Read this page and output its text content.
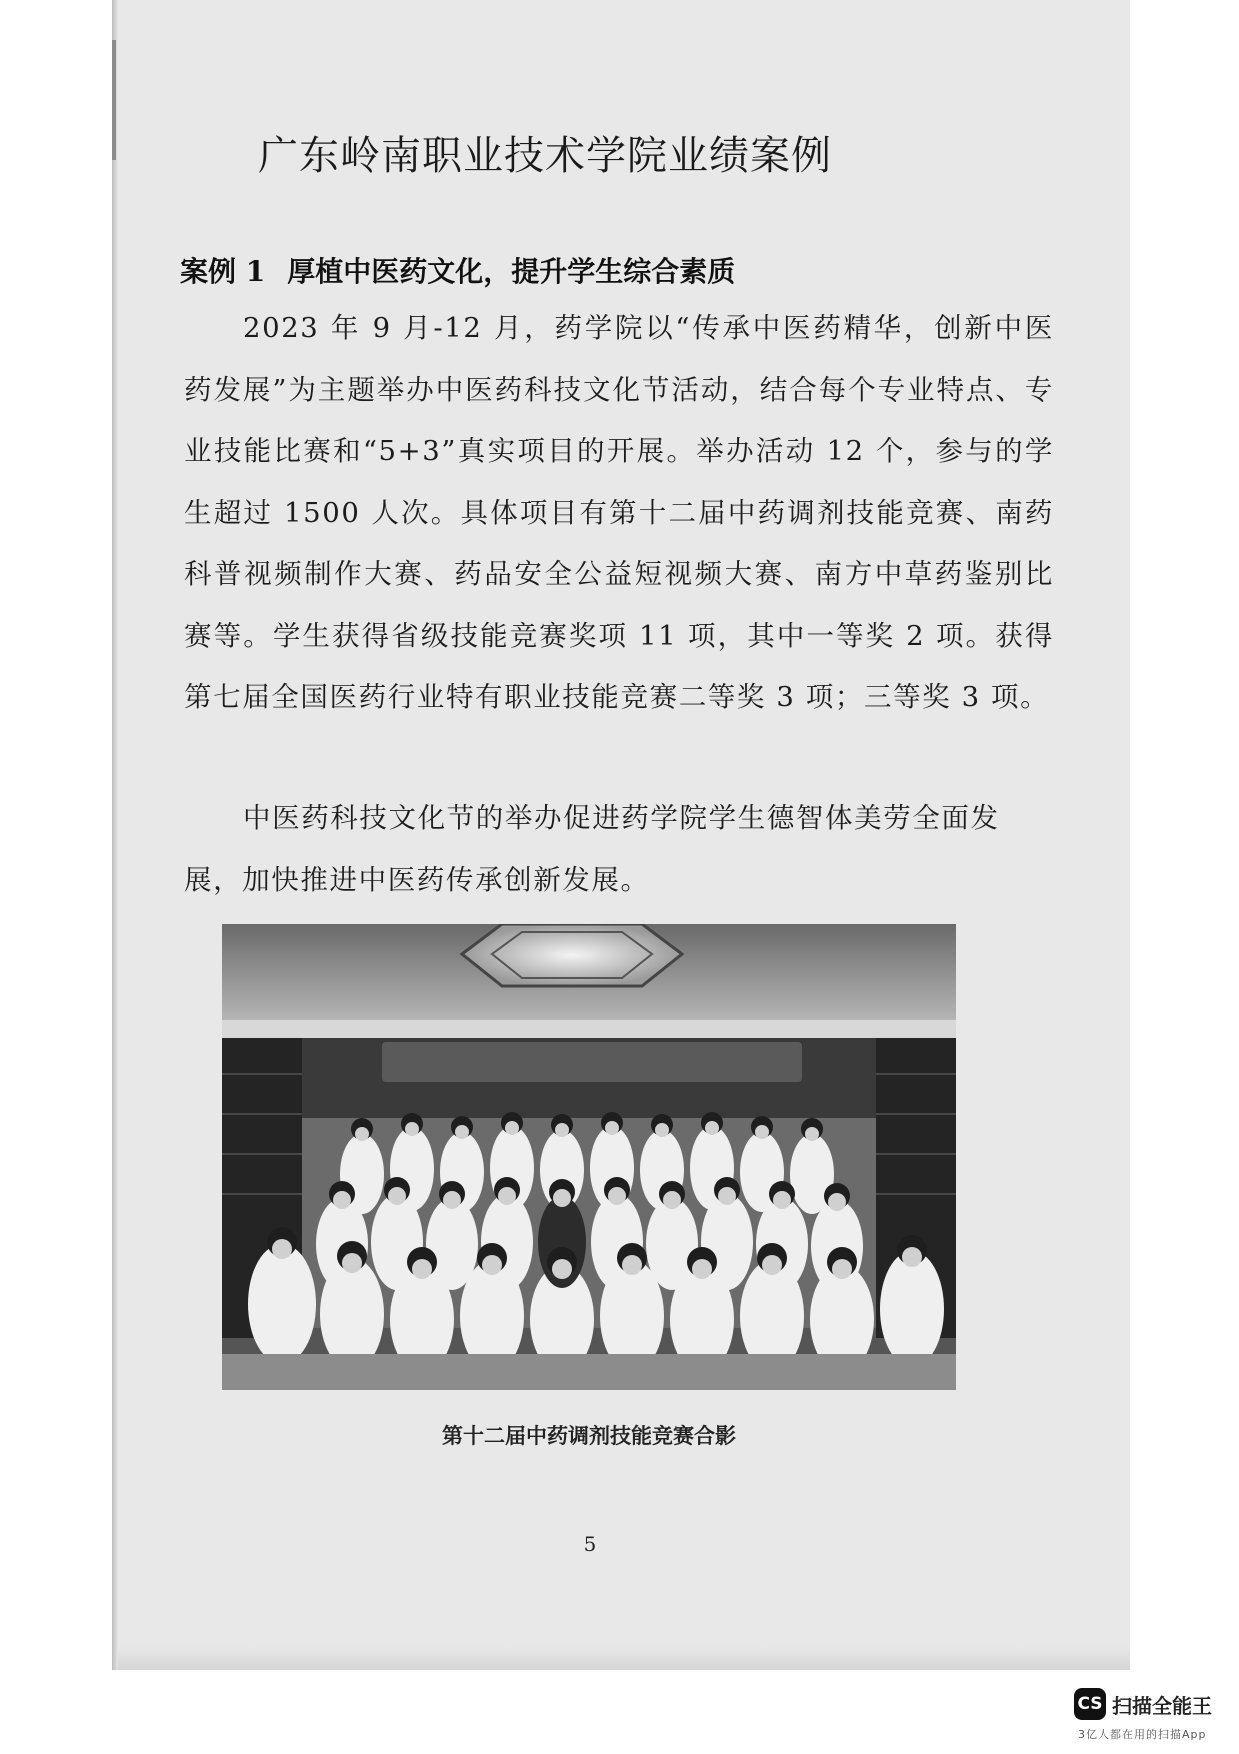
广东岭南职业技术学院业绩案例
案例 1 厚植中医药文化，提升学生综合素质

2023 年 9 月-12 月，药学院以“传承中医药精华，创新中医药发展”为主题举办中医药科技文化节活动，结合每个专业特点、专业技能比赛和“5+3”真实项目的开展。举办活动 12 个，参与的学生超过 1500 人次。具体项目有第十二届中药调剂技能竞赛、南药科普视频制作大赛、药品安全公益短视频大赛、南方中草药鉴别比赛等。学生获得省级技能竞赛奖项 11 项，其中一等奖 2 项。获得第七届全国医药行业特有职业技能竞赛二等奖 3 项；三等奖 3 项。

中医药科技文化节的举办促进药学院学生德智体美劳全面发展，加快推进中医药传承创新发展。

第十二届中药调剂技能竞赛合影
5
CS 扫描全能王
3亿人都在用的扫描App
